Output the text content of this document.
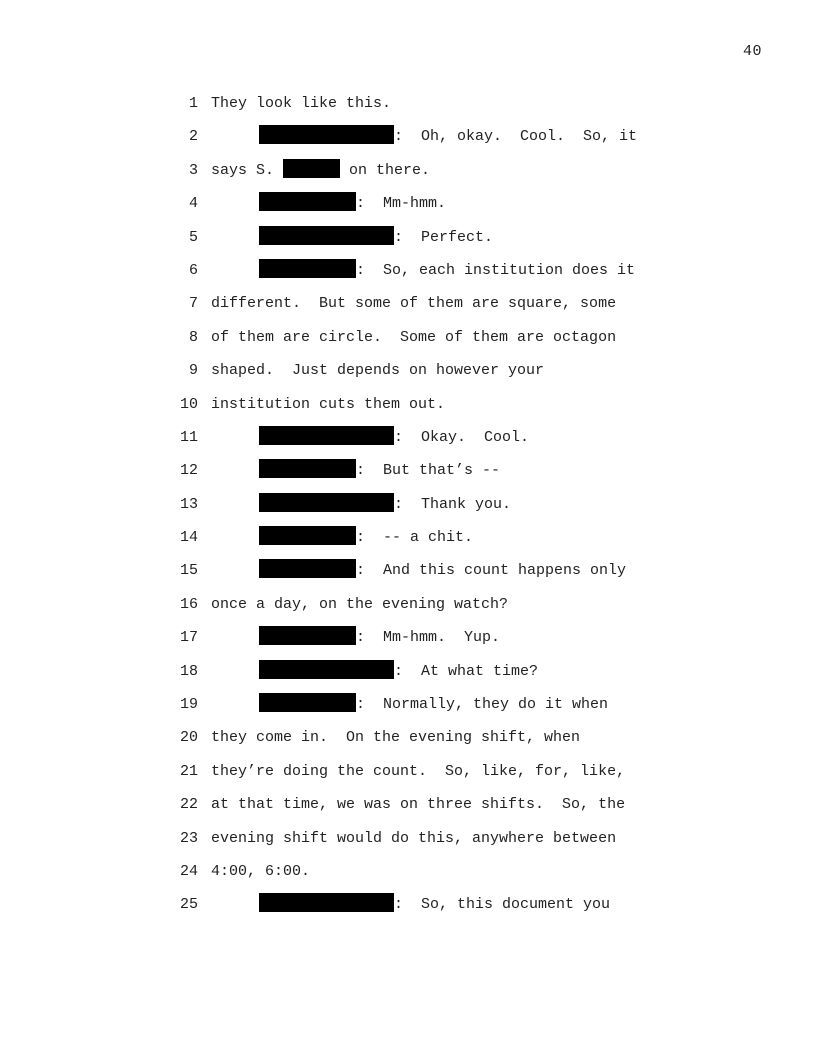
40
1 They look like this.
2	:  Oh, okay.  Cool.  So, it
3 says S.	on there.
4	:  Mm-hmm.
5	:  Perfect.
6	:  So, each institution does it
7 different.  But some of them are square, some
8 of them are circle.  Some of them are octagon
9 shaped.  Just depends on however your
10 institution cuts them out.
11	:  Okay.  Cool.
12	:  But that’s --
13	:  Thank you.
14	:  -- a chit.
15	:  And this count happens only
16 once a day, on the evening watch?
17	:  Mm-hmm.  Yup.
18	:  At what time?
19	:  Normally, they do it when
20 they come in.  On the evening shift, when
21 they’re doing the count.  So, like, for, like,
22 at that time, we was on three shifts.  So, the
23 evening shift would do this, anywhere between
24 4:00, 6:00.
25	:  So, this document you
